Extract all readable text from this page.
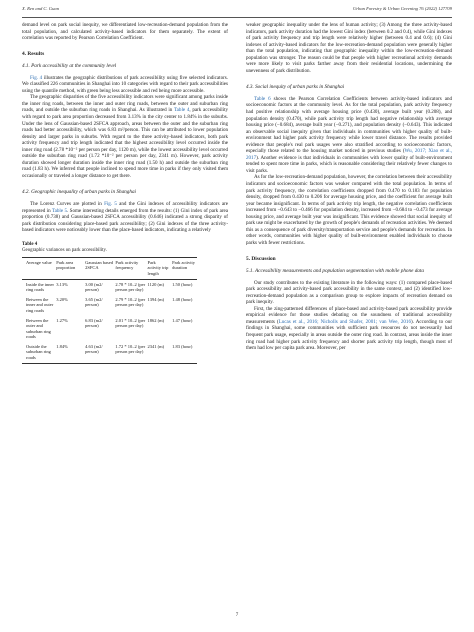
X. Ren and C. Guan	Urban Forestry & Urban Greening 76 (2022) 127709

demand level on park social inequity, we differentiated low-recreation-demand population from the total population, and calculated activity-based indicators for them separately. The extent of correlation was reported by Pearson Correlation Coefficient.

4. Results
4.1. Park accessibility at the community level

Fig. 4 illustrates the geographic distributions of park accessibility using five selected indicators. We classified 226 communities in Shanghai into 10 categories with regard to their park accessibilities using the quantile method, with green being less accessible and red being more accessible.

The geographic disparities of the five accessibility indicators were significant among parks inside the inner ring roads, between the inner and outer ring roads, between the outer and suburban ring roads, and outside the suburban ring roads in Shanghai. As illustrated in Table 4, park accessibility with regard to park area proportion decreased from 3.13% in the city center to 1.84% in the suburbs. Under the lens of Gaussian-based 2SFCA approach, areas between the outer and the suburban ring roads had better accessibility, which was 6.83 m²/person. This can be attributed to lower population density and larger parks in suburbs. With regard to the three activity-based indicators, both park activity frequency and trip length indicated that the highest accessibility level occurred inside the inner ring road (2.78 *10⁻² per person per day, 1120 m), while the lowest accessibility level occurred outside the suburban ring road (1.72 *10⁻² per person per day, 2341 m). However, park activity duration showed longer duration inside the inner ring road (1.50 h) and outside the suburban ring road (1.83 h). We inferred that people inclined to spend more time in parks if they only visited them occasionally or traveled a longer distance to get there.

4.2. Geographic inequality of urban parks in Shanghai

The Lorenz Curves are plotted in Fig. 5 and the Gini indexes of accessibility indicators are represented in Table 5. Some interesting details emerged from the results: (1) Gini index of park area proportion (0.738) and Gaussian-based 2SFCA accessibility (0.646) indicated a strong disparity of park distribution considering place-based park accessibility; (2) Gini indexes of the three activity-based indicators were noticeably lower than the place-based indicators, indicating a relatively

Table 4
Geographic variances on park accessibility.
Average value	Park area proportion	Gaussian based 2SFCA	Park activity frequency	Park activity trip length	Park activity duration
Inside the inner ring roads	3.13%	3.00 (m2/ person)	2.78 * 10–2 (per person per day)	1120 (m)	1.50 (hour)
Between the inner and outer ring roads	3.20%	3.65 (m2/ person)	2.79 * 10–2 (per person per day)	1394 (m)	1.48 (hour)
Between the outer and suburban ring roads	1.27%	6.83 (m2/ person)	2.01 * 10–2 (per person per day)	1862 (m)	1.47 (hour)
Outside the suburban ring roads	1.84%	4.63 (m2/ person)	1.72 * 10–2 (per person per day)	2341 (m)	1.83 (hour)

weaker geographic inequality under the lens of human activity; (3) Among the three activity-based indicators, park activity duration had the lowest Gini index (between 0.2 and 0.4), while Gini indexes of park activity frequency and trip length were relatively higher (between 0.4 and 0.6); (4) Gini indexes of activity-based indicators for the low-recreation-demand population were generally higher than the total population, indicating that geographic inequality within the low-recreation-demand population was stronger. The reason could be that people with higher recreational activity demands were more likely to visit parks farther away from their residential locations, undermining the unevenness of park distribution.

4.3. Social inequity of urban parks in Shanghai

Table 6 shows the Pearson Correlation Coefficients between activity-based indicators and socioeconomic factors at the community level. As for the total population, park activity frequency had positive relationship with average housing price (0.430), average built year (0.208), and population density (0.470), while park activity trip length had negative relationship with average housing price (−0.684), average built year (−0.271), and population density (−0.643). This indicated an observable social inequity given that individuals in communities with higher quality of built-environment had higher park activity frequency while lower travel distance. The results provided evidence that people's real park usages were also stratified according to socioeconomic factors, especially those related to the housing market noticed in previous studies (Wu, 2017; Xiao et al., 2017). Another evidence is that individuals in communities with lower quality of built-environment tended to spent more time in parks, which is reasonable considering their relatively fewer changes to visit parks.

As for the low-recreation-demand population, however, the correlation between their accessibility indicators and socioeconomic factors was weaker compared with the total population. In terms of park activity frequency, the correlation coefficients dropped from 0.470 to 0.183 for population density, dropped from 0.430 to 0.206 for average housing price, and the coefficient for average built year became insignificant. In terms of park activity trip length, the negative correlation coefficients increased from −0.643 to −0.466 for population density, increased from −0.684 to −0.473 for average housing price, and average built year was insignificant. This evidence showed that social inequity of park use might be exacerbated by the growth of people's demands of recreation activities. We deemed this as a consequence of park diversity/transportation service and people's demands for recreation. In other words, communities with higher quality of built-environment enabled individuals to choose parks with fewer restrictions.

5. Discussion
5.1. Accessibility measurements and population segmentation with mobile phone data

Our study contributes to the existing literature in the following ways: (1) compared place-based park accessibility and activity-based park accessibility in the same context, and (2) identified low-recreation-demand population as a comparison group to explore impacts of recreation demand on park inequity.

First, the zing-patterned differences of place-based and activity-based park accessibility provide empirical evidence for those studies debating on the soundness of traditional accessibility measurements (Lucas et al., 2016; Nicholls and Shafer, 2001; van Wee, 2016). According to our findings in Shanghai, some communities with sufficient park resources do not necessarily had frequent park usage, especially in areas outside the outer ring road. In contrast, areas inside the inner ring road had higher park activity frequency and shorter park activity trip length, though most of them had low per capita park area. Moreover, per

7
